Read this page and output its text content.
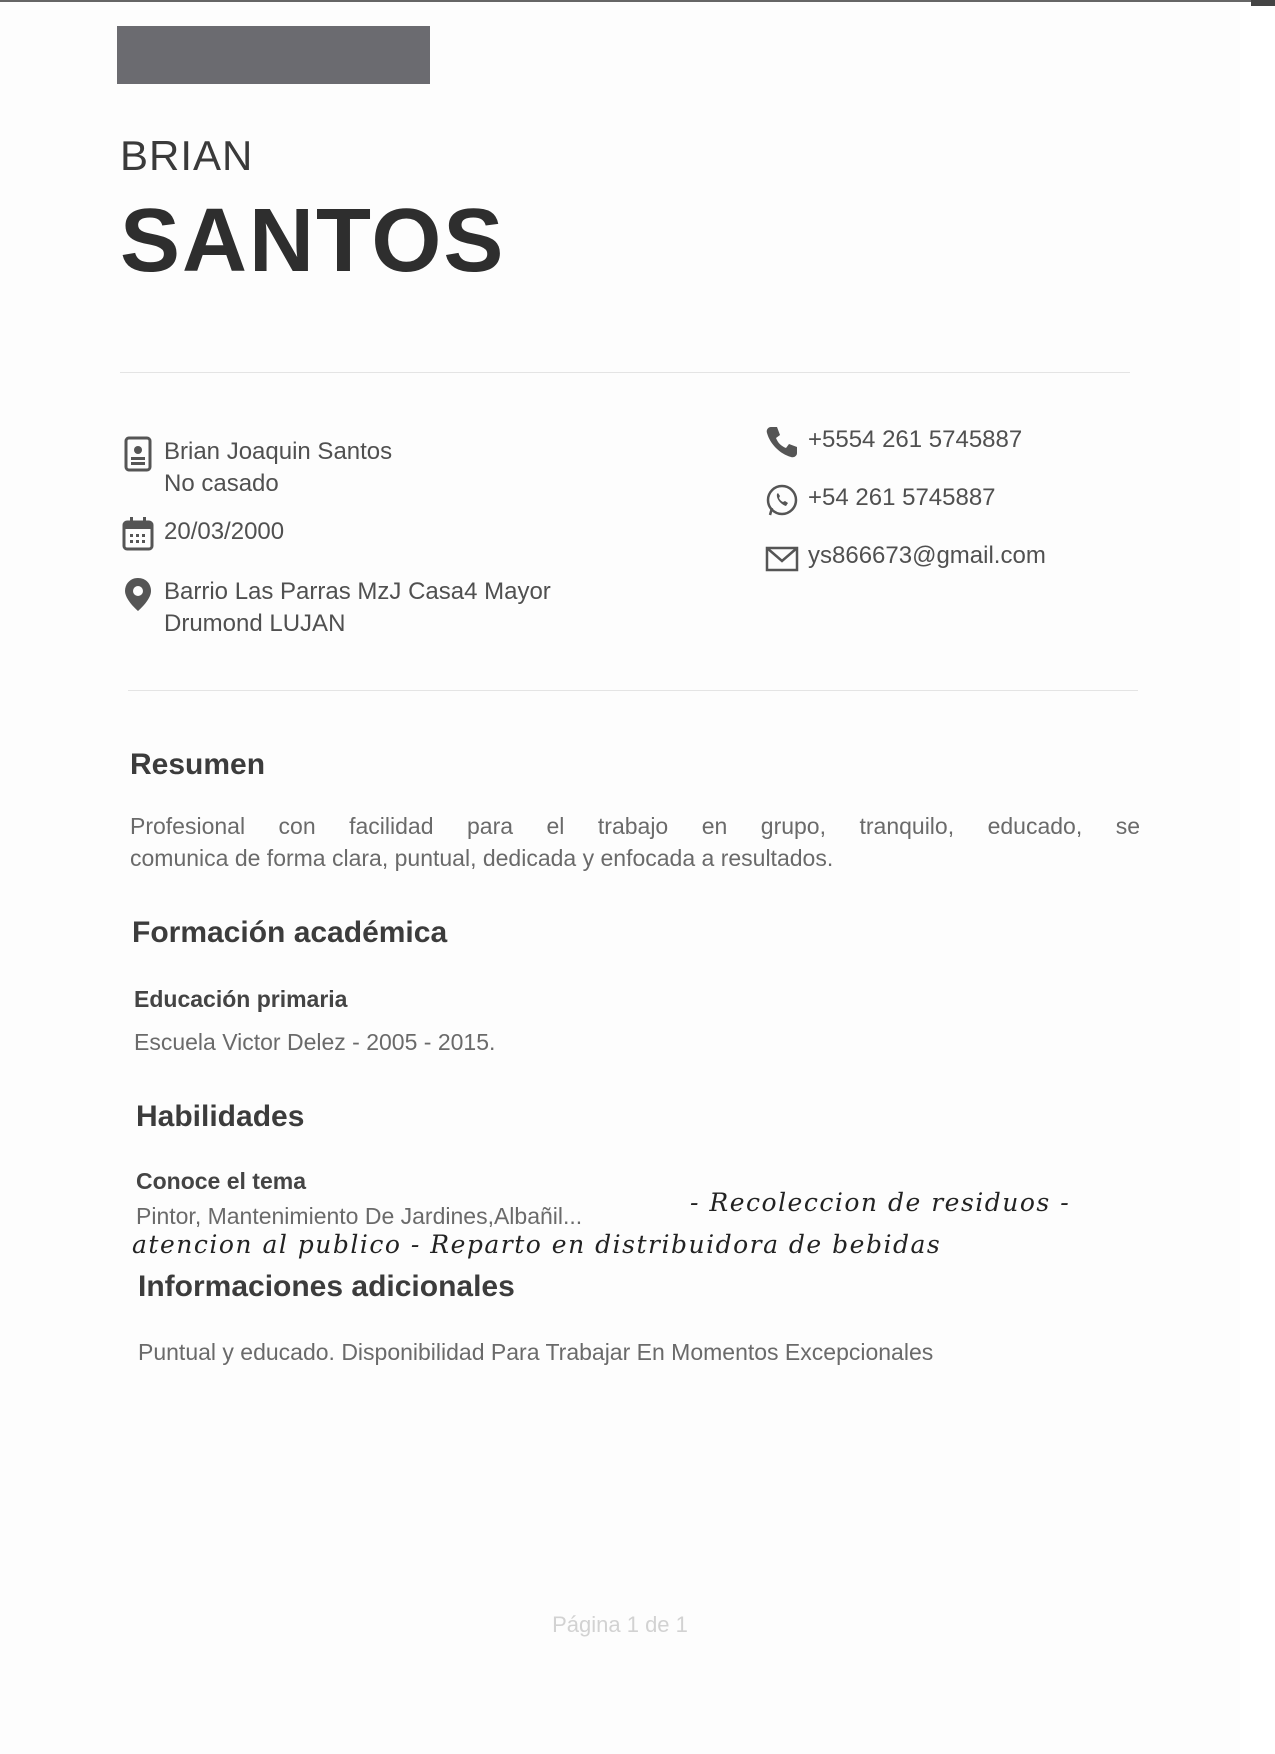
BRIAN
SANTOS
Brian Joaquin Santos
No casado
20/03/2000
Barrio Las Parras MzJ Casa4 Mayor
Drumond LUJAN
+5554 261 5745887
+54 261 5745887
ys866673@gmail.com
Resumen
Profesional con facilidad para el trabajo en grupo, tranquilo, educado, se
comunica de forma clara, puntual, dedicada y enfocada a resultados.
Formación académica
Educación primaria
Escuela Victor Delez - 2005 - 2015.
Habilidades
Conoce el tema
Pintor, Mantenimiento De Jardines,Albañil...	- Recoleccion de residuos -
atencion al publico - Reparto en distribuidora de bebidas
Informaciones adicionales
Puntual y educado. Disponibilidad Para Trabajar En Momentos Excepcionales
Página 1 de 1
